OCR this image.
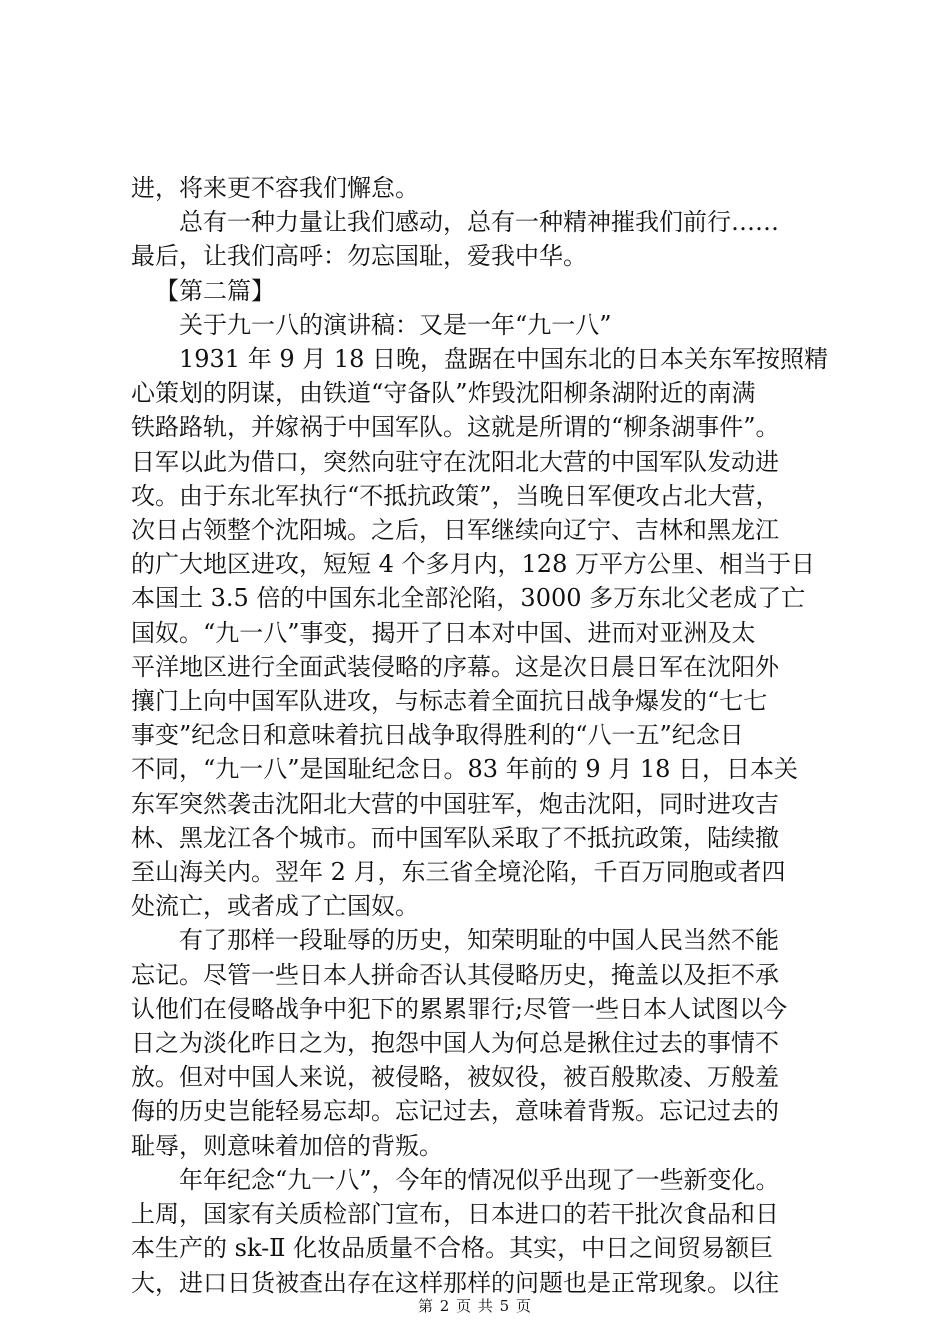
进，将来更不容我们懈怠。
总有一种力量让我们感动，总有一种精神摧我们前行……
最后，让我们高呼：勿忘国耻，爱我中华。
【第二篇】
关于九一八的演讲稿：又是一年“九一八”
1931 年 9 月 18 日晚，盘踞在中国东北的日本关东军按照精
心策划的阴谋，由铁道“守备队”炸毁沈阳柳条湖附近的南满
铁路路轨，并嫁祸于中国军队。这就是所谓的“柳条湖事件”。
日军以此为借口，突然向驻守在沈阳北大营的中国军队发动进
攻。由于东北军执行“不抵抗政策”，当晚日军便攻占北大营，
次日占领整个沈阳城。之后，日军继续向辽宁、吉林和黑龙江
的广大地区进攻，短短 4 个多月内，128 万平方公里、相当于日
本国土 3.5 倍的中国东北全部沦陷，3000 多万东北父老成了亡
国奴。“九一八”事变，揭开了日本对中国、进而对亚洲及太
平洋地区进行全面武装侵略的序幕。这是次日晨日军在沈阳外
攘门上向中国军队进攻，与标志着全面抗日战争爆发的“七七
事变”纪念日和意味着抗日战争取得胜利的“八一五”纪念日
不同，“九一八”是国耻纪念日。83 年前的 9 月 18 日，日本关
东军突然袭击沈阳北大营的中国驻军，炮击沈阳，同时进攻吉
林、黑龙江各个城市。而中国军队采取了不抵抗政策，陆续撤
至山海关内。翌年 2 月，东三省全境沦陷，千百万同胞或者四
处流亡，或者成了亡国奴。
有了那样一段耻辱的历史，知荣明耻的中国人民当然不能
忘记。尽管一些日本人拼命否认其侵略历史，掩盖以及拒不承
认他们在侵略战争中犯下的累累罪行;尽管一些日本人试图以今
日之为淡化昨日之为，抱怨中国人为何总是揪住过去的事情不
放。但对中国人来说，被侵略，被奴役，被百般欺凌、万般羞
侮的历史岂能轻易忘却。忘记过去，意味着背叛。忘记过去的
耻辱，则意味着加倍的背叛。
年年纪念“九一八”，今年的情况似乎出现了一些新变化。
上周，国家有关质检部门宣布，日本进口的若干批次食品和日
本生产的 sk-Ⅱ 化妆品质量不合格。其实，中日之间贸易额巨
大，进口日货被查出存在这样那样的问题也是正常现象。以往
第 2 页 共 5 页
